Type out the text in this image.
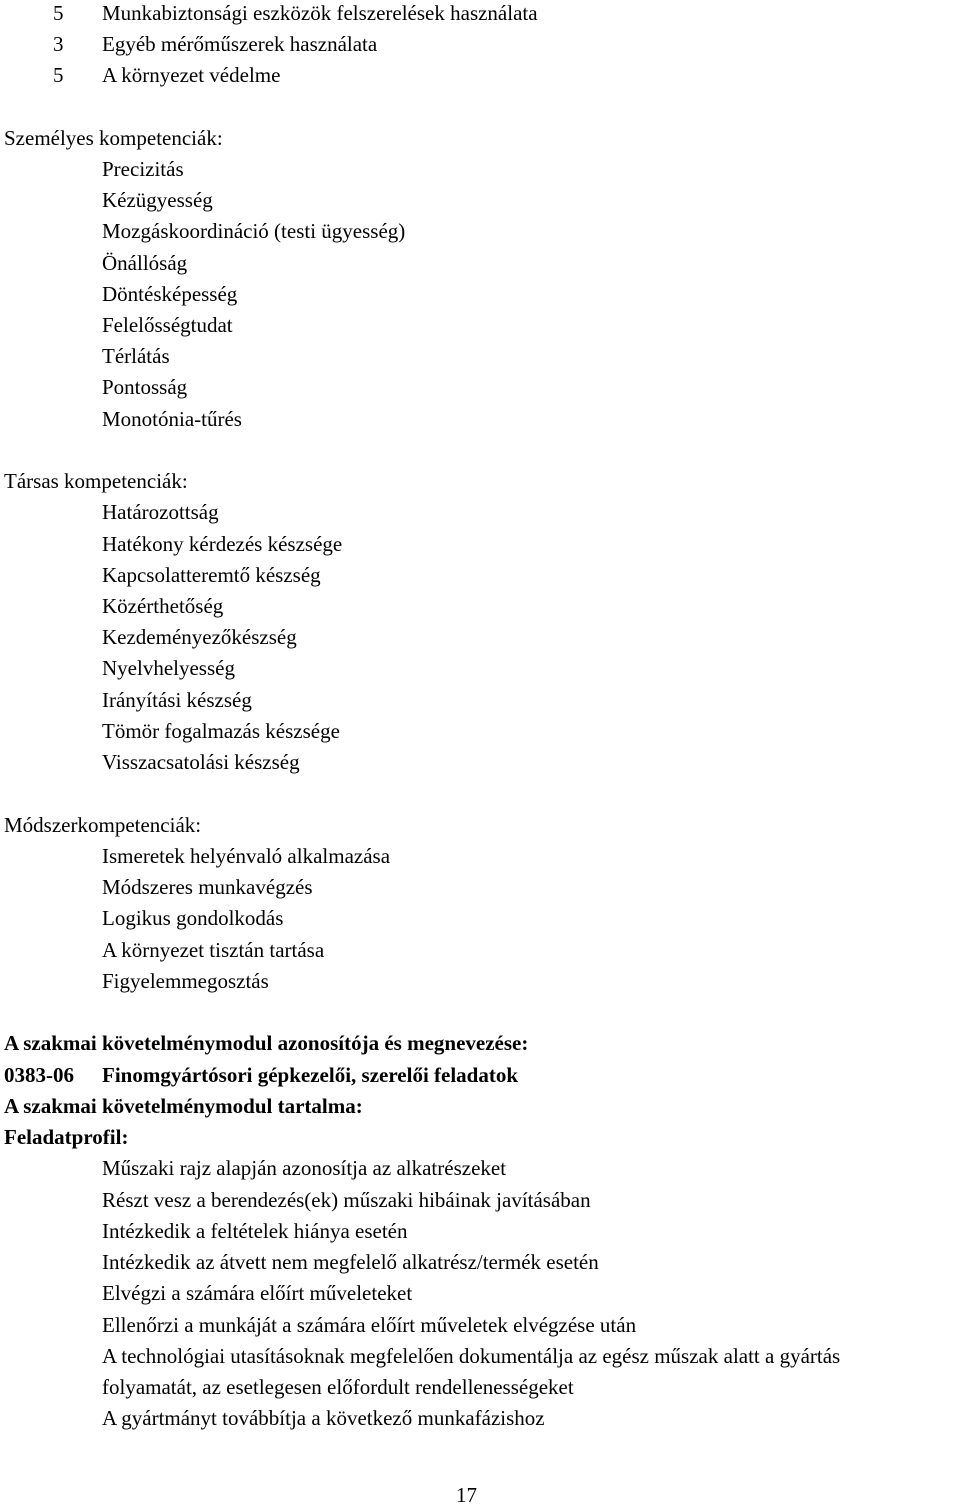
5 Munkabiztonsági eszközök felszerelések használata
3 Egyéb mérőműszerek használata
5 A környezet védelme
Személyes kompetenciák:
Precizitás
Kézügyesség
Mozgáskoordináció (testi ügyesség)
Önállóság
Döntésképesség
Felelősségtudat
Térlátás
Pontosság
Monotónia-tűrés
Társas kompetenciák:
Határozottság
Hatékony kérdezés készsége
Kapcsolatteremtő készség
Közérthetőség
Kezdeményezőkészség
Nyelvhelyesség
Irányítási készség
Tömör fogalmazás készsége
Visszacsatolási készség
Módszerkompetenciák:
Ismeretek helyénvaló alkalmazása
Módszeres munkavégzés
Logikus gondolkodás
A környezet tisztán tartása
Figyelemmegosztás
A szakmai követelménymodul azonosítója és megnevezése:
0383-06 Finomgyártósori gépkezelői, szerelői feladatok
A szakmai követelménymodul tartalma:
Feladatprofil:
Műszaki rajz alapján azonosítja az alkatrészeket
Részt vesz a berendezés(ek) műszaki hibáinak javításában
Intézkedik a feltételek hiánya esetén
Intézkedik az átvett nem megfelelő alkatrész/termék esetén
Elvégzi a számára előírt műveleteket
Ellenőrzi a munkáját a számára előírt műveletek elvégzése után
A technológiai utasításoknak megfelelően dokumentálja az egész műszak alatt a gyártás
folyamatát, az esetlegesen előfordult rendellenességeket
A gyártmányt továbbítja a következő munkafázishoz
17
